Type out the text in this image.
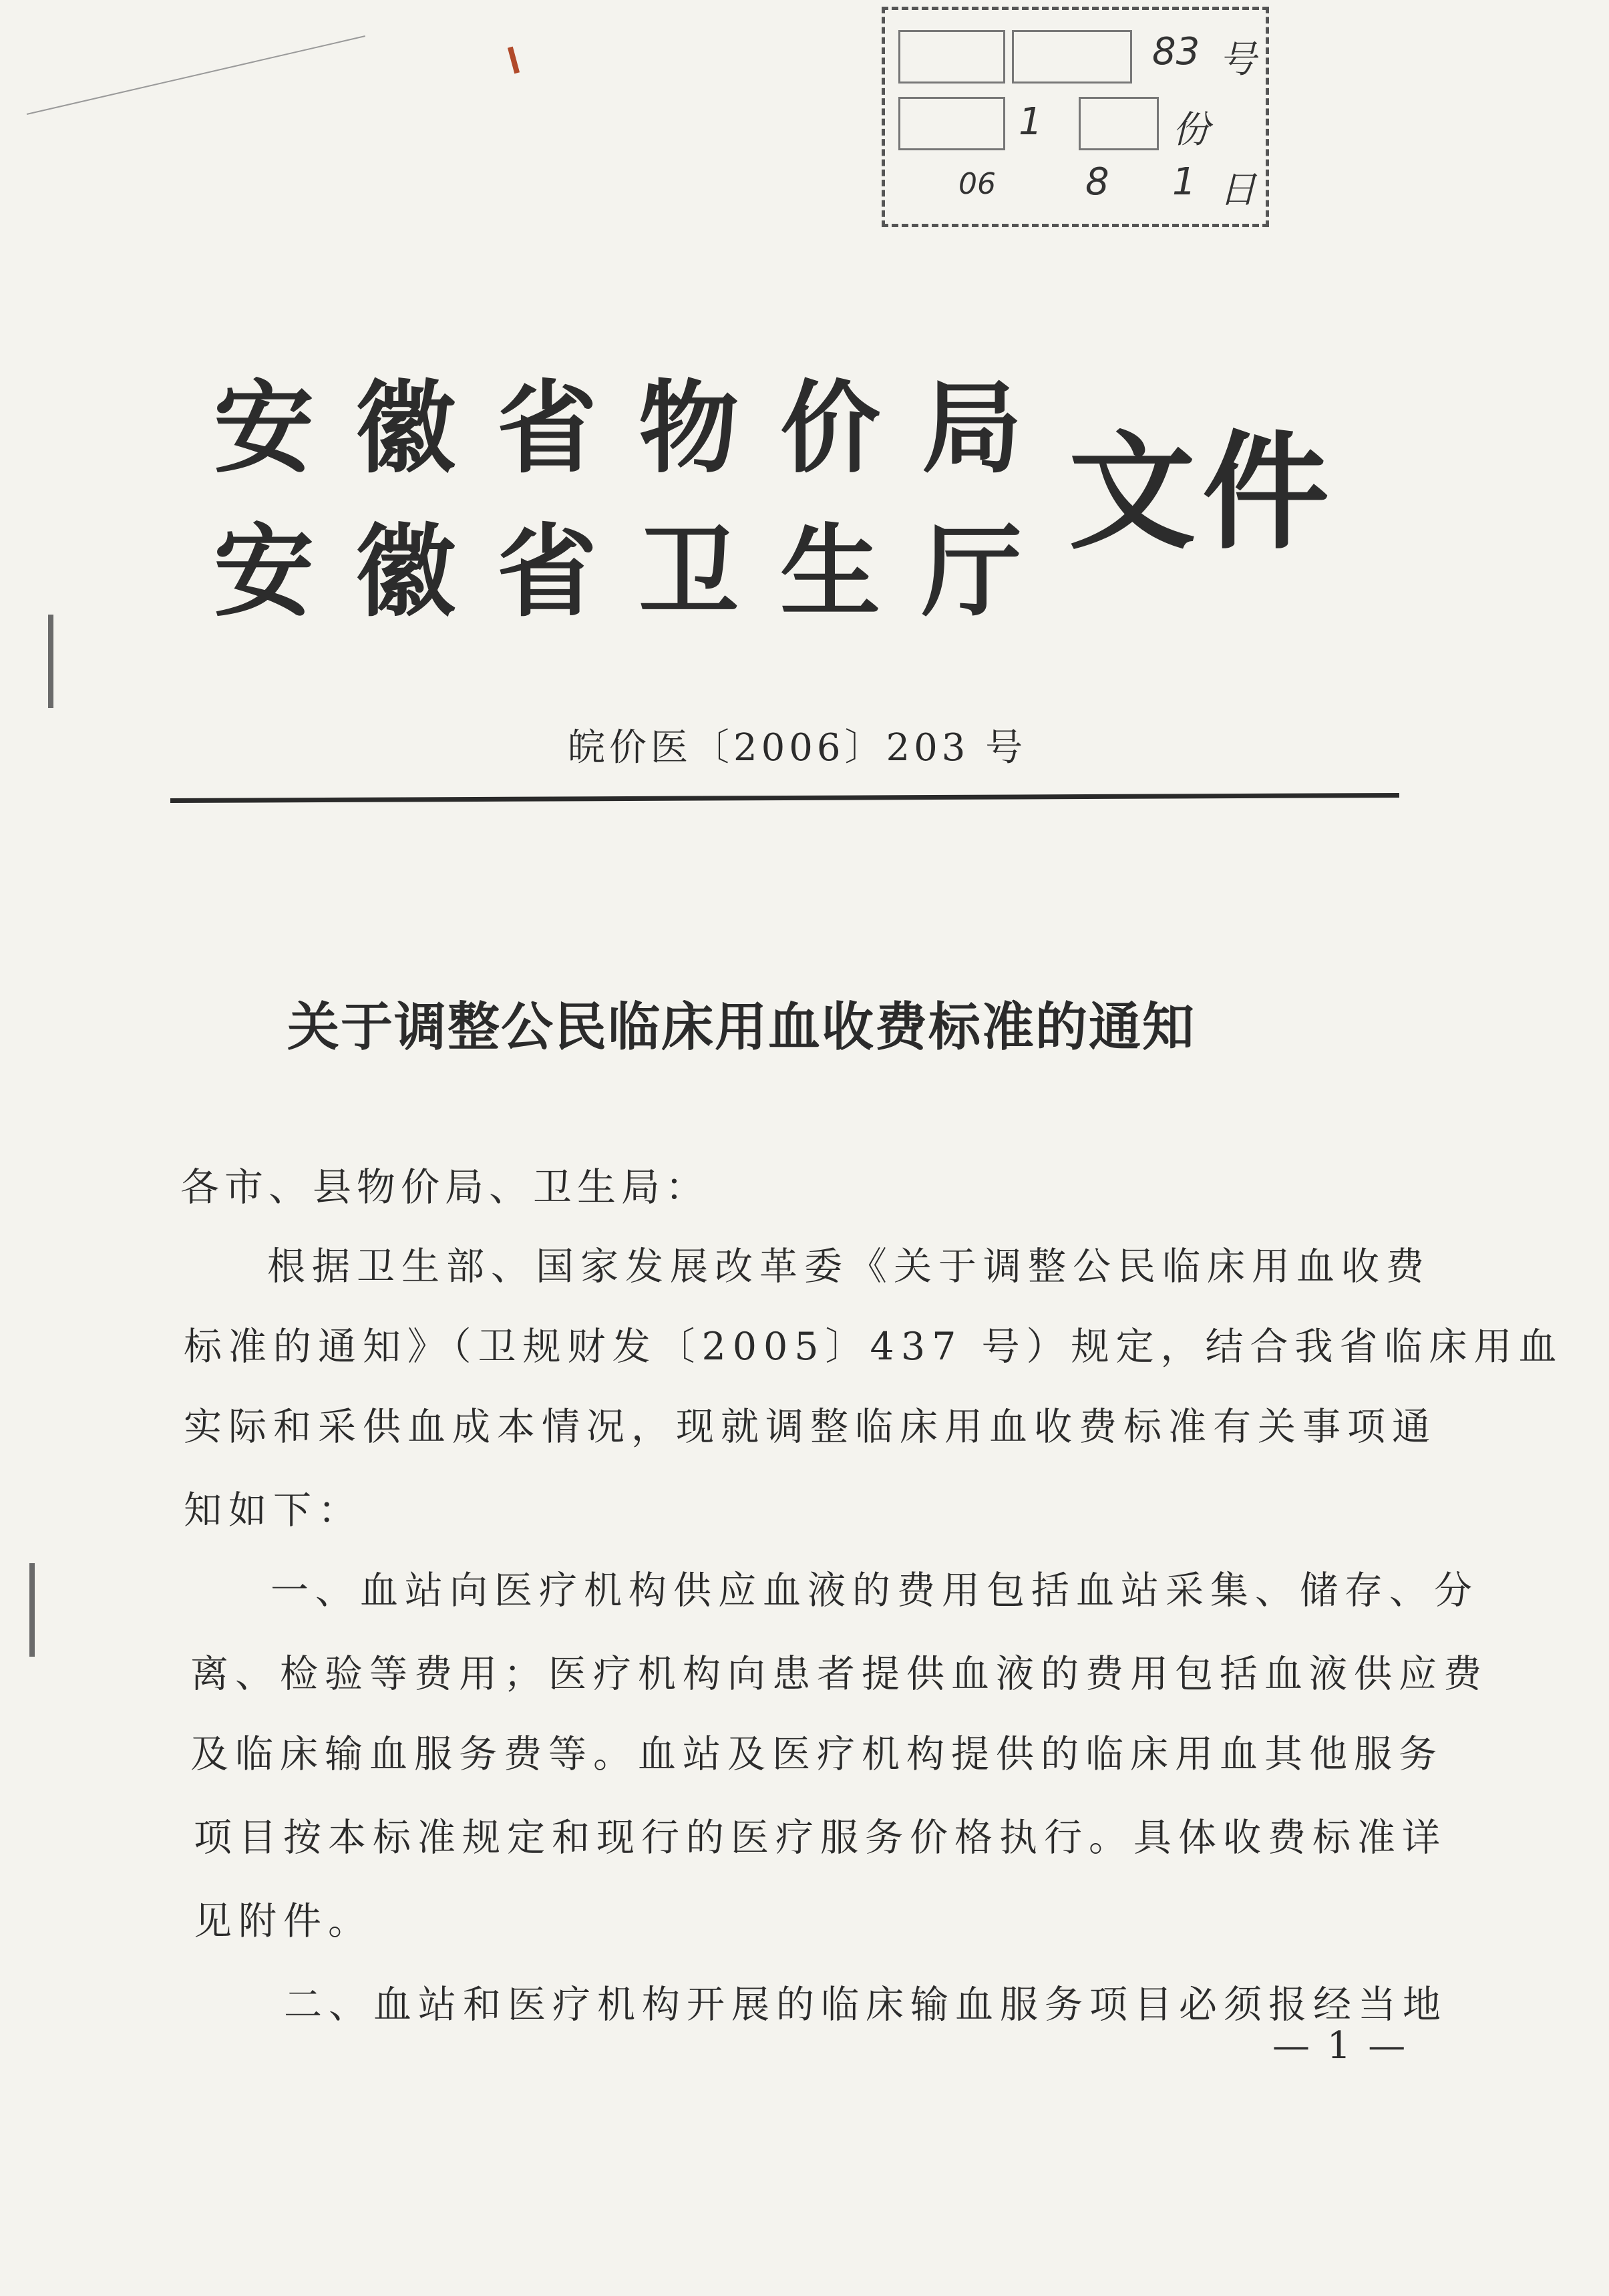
83 号
1	份
06 8 1 日
安徽省物价局
安徽省卫生厅
文件
皖价医〔2006〕203 号
关于调整公民临床用血收费标准的通知
各市、县物价局、卫生局：
根据卫生部、国家发展改革委《关于调整公民临床用血收费
标准的通知》（卫规财发〔2005〕437 号）规定，结合我省临床用血
实际和采供血成本情况，现就调整临床用血收费标准有关事项通
知如下：
一、血站向医疗机构供应血液的费用包括血站采集、储存、分
离、检验等费用；医疗机构向患者提供血液的费用包括血液供应费
及临床输血服务费等。血站及医疗机构提供的临床用血其他服务
项目按本标准规定和现行的医疗服务价格执行。具体收费标准详
见附件。
二、血站和医疗机构开展的临床输血服务项目必须报经当地
— 1 —
